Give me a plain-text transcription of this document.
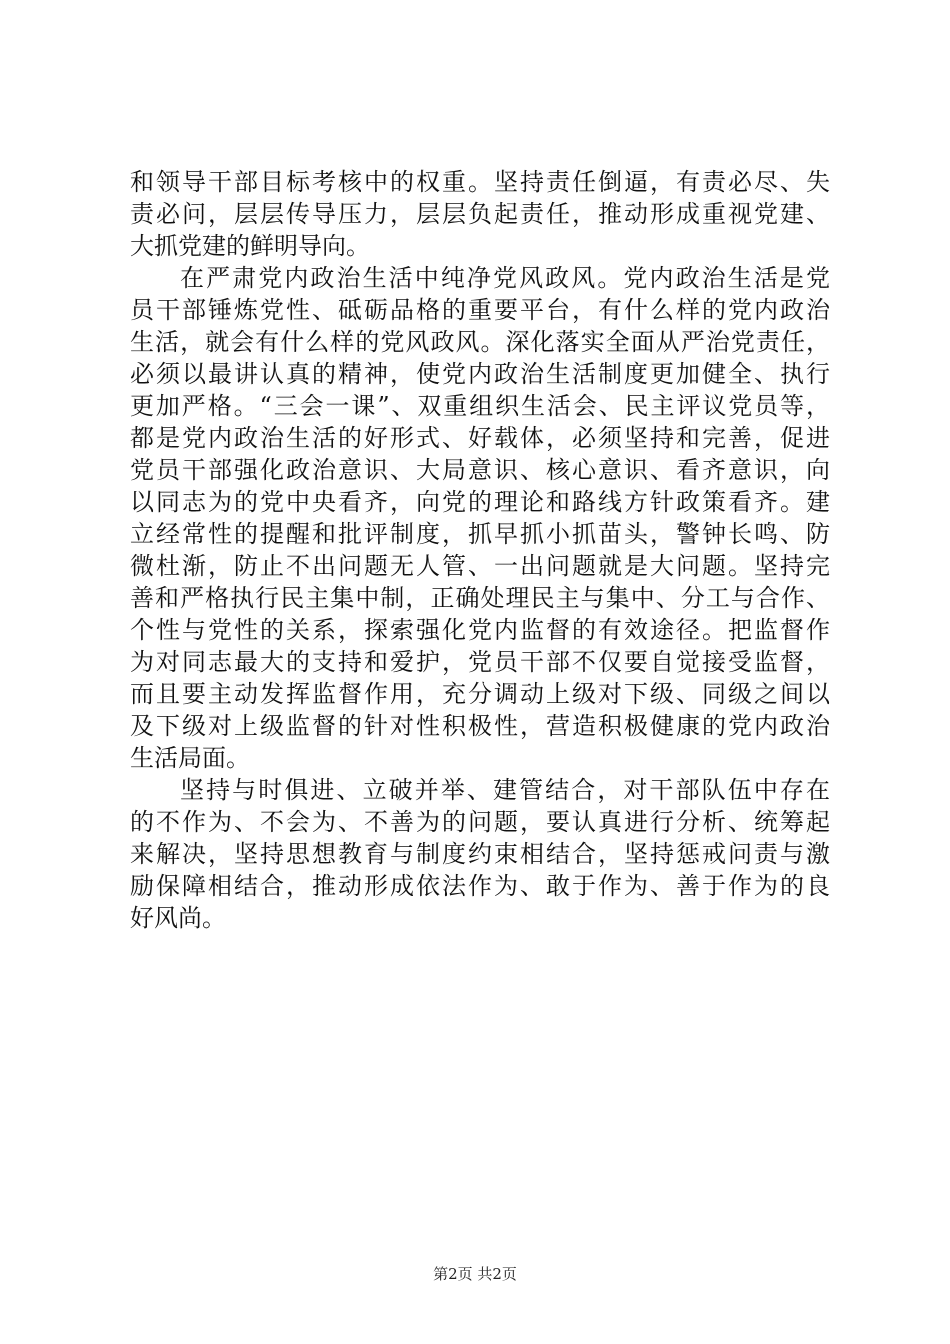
和领导干部目标考核中的权重。坚持责任倒逼，有责必尽、失
责必问，层层传导压力，层层负起责任，推动形成重视党建、
大抓党建的鲜明导向。
在严肃党内政治生活中纯净党风政风。党内政治生活是党
员干部锤炼党性、砥砺品格的重要平台，有什么样的党内政治
生活，就会有什么样的党风政风。深化落实全面从严治党责任，
必须以最讲认真的精神，使党内政治生活制度更加健全、执行
更加严格。“三会一课”、双重组织生活会、民主评议党员等，
都是党内政治生活的好形式、好载体，必须坚持和完善，促进
党员干部强化政治意识、大局意识、核心意识、看齐意识，向
以同志为的党中央看齐，向党的理论和路线方针政策看齐。建
立经常性的提醒和批评制度，抓早抓小抓苗头，警钟长鸣、防
微杜渐，防止不出问题无人管、一出问题就是大问题。坚持完
善和严格执行民主集中制，正确处理民主与集中、分工与合作、
个性与党性的关系，探索强化党内监督的有效途径。把监督作
为对同志最大的支持和爱护，党员干部不仅要自觉接受监督，
而且要主动发挥监督作用，充分调动上级对下级、同级之间以
及下级对上级监督的针对性积极性，营造积极健康的党内政治
生活局面。
坚持与时俱进、立破并举、建管结合，对干部队伍中存在
的不作为、不会为、不善为的问题，要认真进行分析、统筹起
来解决，坚持思想教育与制度约束相结合，坚持惩戒问责与激
励保障相结合，推动形成依法作为、敢于作为、善于作为的良
好风尚。
第2页 共2页
